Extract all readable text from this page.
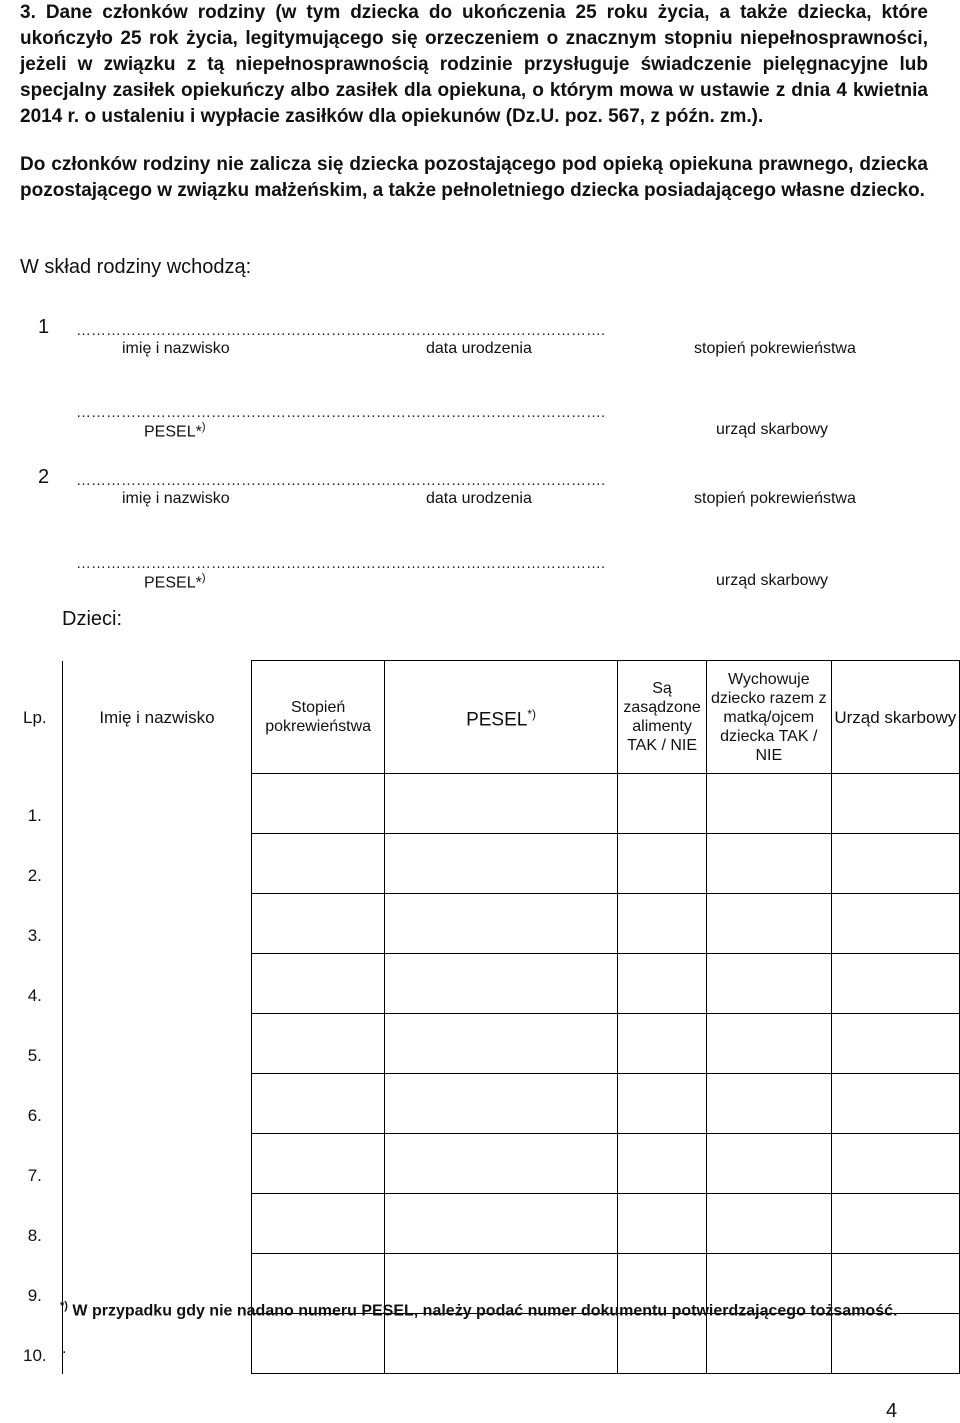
3. Dane członków rodziny (w tym dziecka do ukończenia 25 roku życia, a także dziecka, które ukończyło 25 rok życia, legitymującego się orzeczeniem o znacznym stopniu niepełnosprawności, jeżeli w związku z tą niepełnosprawnością rodzinie przysługuje świadczenie pielęgnacyjne lub specjalny zasiłek opiekuńczy albo zasiłek dla opiekuna, o którym mowa w ustawie z dnia 4 kwietnia 2014 r. o ustaleniu i wypłacie zasiłków dla opiekunów (Dz.U. poz. 567, z późn. zm.).

Do członków rodziny nie zalicza się dziecka pozostającego pod opieką opiekuna prawnego, dziecka pozostającego w związku małżeńskim, a także pełnoletniego dziecka posiadającego własne dziecko.

W skład rodziny wchodzą:
1 …………………………………………………………………………………………….
imię i nazwisko	data urodzenia	stopień pokrewieństwa
…………………………………………………………………………………………….
PESEL*)	urząd skarbowy
2 …………………………………………………………………………………………….
imię i nazwisko	data urodzenia	stopień pokrewieństwa
…………………………………………………………………………………………….
PESEL*)	urząd skarbowy
Dzieci:
Lp.	Imię i nazwisko	Stopień pokrewieństwa	PESEL*)	Są zasądzone alimenty TAK / NIE	Wychowuje dziecko razem z matką/ojcem dziecka TAK / NIE	Urząd skarbowy
1.						
2.						
3.						
4.						
5.						
6.						
7.						
8.						
9.						
10.						
*) W przypadku gdy nie nadano numeru PESEL, należy podać numer dokumentu potwierdzającego tożsamość.
.
4
